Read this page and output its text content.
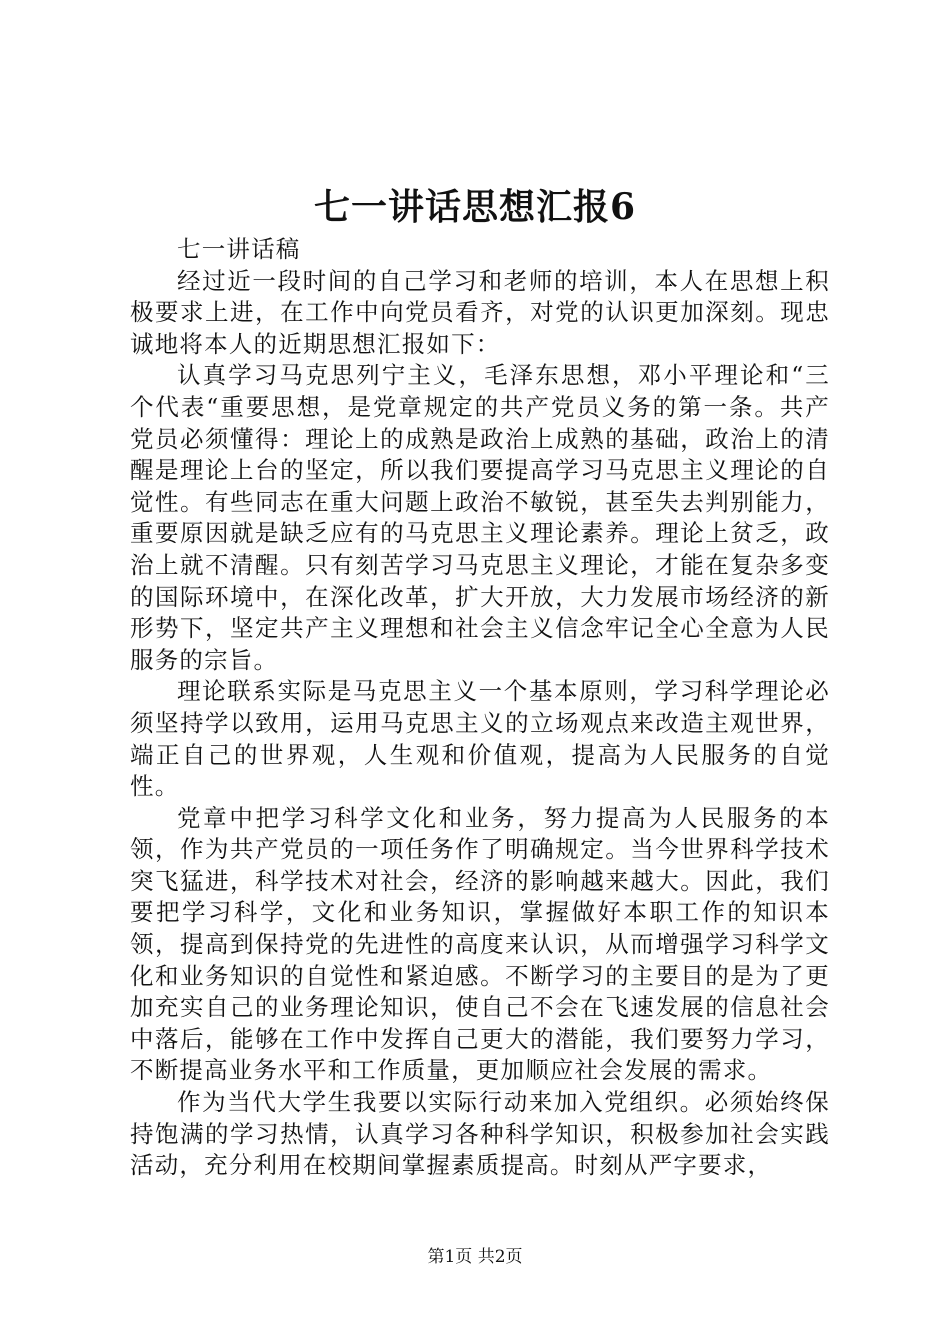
七一讲话思想汇报6

七一讲话稿

经过近一段时间的自己学习和老师的培训，本人在思想上积极要求上进，在工作中向党员看齐，对党的认识更加深刻。现忠诚地将本人的近期思想汇报如下：

认真学习马克思列宁主义，毛泽东思想，邓小平理论和“三个代表“重要思想，是党章规定的共产党员义务的第一条。共产党员必须懂得：理论上的成熟是政治上成熟的基础，政治上的清醒是理论上台的坚定，所以我们要提高学习马克思主义理论的自觉性。有些同志在重大问题上政治不敏锐，甚至失去判别能力，重要原因就是缺乏应有的马克思主义理论素养。理论上贫乏，政治上就不清醒。只有刻苦学习马克思主义理论，才能在复杂多变的国际环境中，在深化改革，扩大开放，大力发展市场经济的新形势下，坚定共产主义理想和社会主义信念牢记全心全意为人民服务的宗旨。

理论联系实际是马克思主义一个基本原则，学习科学理论必须坚持学以致用，运用马克思主义的立场观点来改造主观世界，端正自己的世界观，人生观和价值观，提高为人民服务的自觉性。

党章中把学习科学文化和业务，努力提高为人民服务的本领，作为共产党员的一项任务作了明确规定。当今世界科学技术突飞猛进，科学技术对社会，经济的影响越来越大。因此，我们要把学习科学，文化和业务知识，掌握做好本职工作的知识本领，提高到保持党的先进性的高度来认识，从而增强学习科学文化和业务知识的自觉性和紧迫感。不断学习的主要目的是为了更加充实自己的业务理论知识，使自己不会在飞速发展的信息社会中落后，能够在工作中发挥自己更大的潜能，我们要努力学习，不断提高业务水平和工作质量，更加顺应社会发展的需求。

作为当代大学生我要以实际行动来加入党组织。必须始终保持饱满的学习热情，认真学习各种科学知识，积极参加社会实践活动，充分利用在校期间掌握素质提高。时刻从严字要求，

第1页 共2页
